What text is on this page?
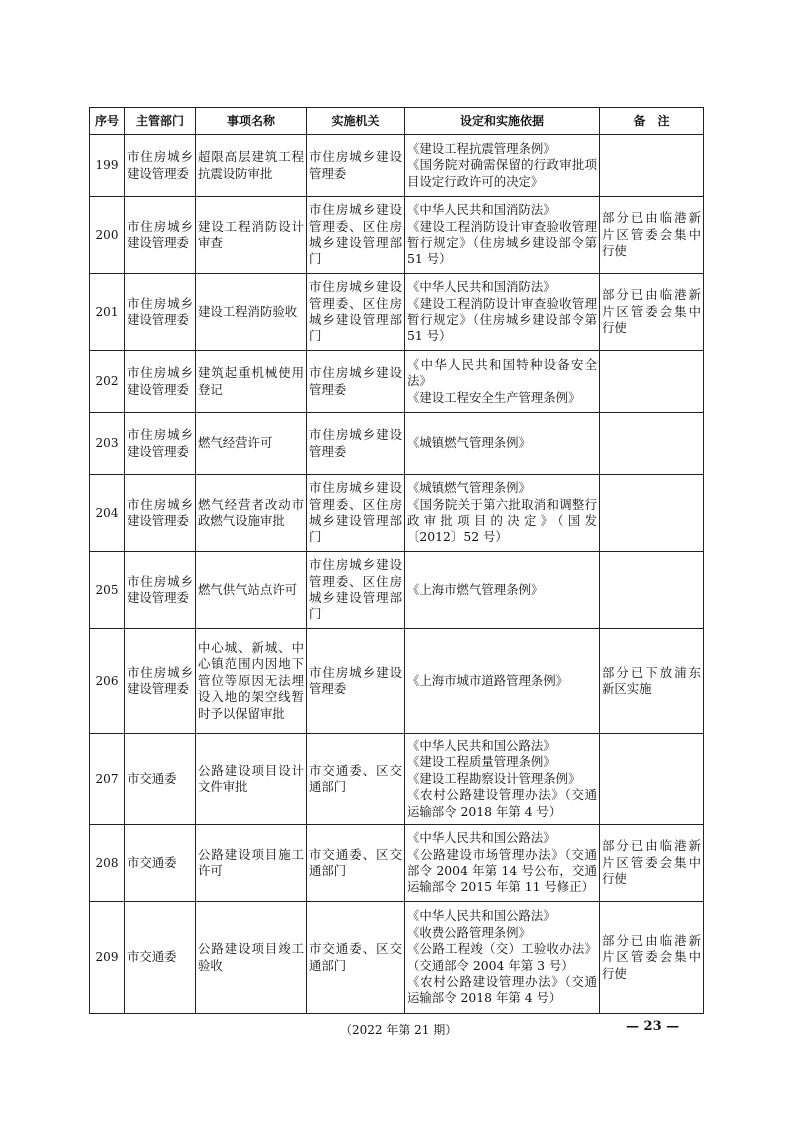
序号	主管部门	事项名称	实施机关	设定和实施依据	备　注
199	市住房城乡建设管理委	超限高层建筑工程抗震设防审批	市住房城乡建设管理委	《建设工程抗震管理条例》
《国务院对确需保留的行政审批项目设定行政许可的决定》	

200	市住房城乡建设管理委	建设工程消防设计审查	市住房城乡建设管理委、区住房城乡建设管理部门	《中华人民共和国消防法》
《建设工程消防设计审查验收管理暂行规定》（住房城乡建设部令第 51 号）	部分已由临港新片区管委会集中行使
201	市住房城乡建设管理委	建设工程消防验收	市住房城乡建设管理委、区住房城乡建设管理部门	《中华人民共和国消防法》
《建设工程消防设计审查验收管理暂行规定》（住房城乡建设部令第 51 号）	部分已由临港新片区管委会集中行使
202	市住房城乡建设管理委	建筑起重机械使用登记	市住房城乡建设管理委	《中华人民共和国特种设备安全法》
《建设工程安全生产管理条例》	

203	市住房城乡建设管理委	燃气经营许可	市住房城乡建设管理委	《城镇燃气管理条例》	

204	市住房城乡建设管理委	燃气经营者改动市政燃气设施审批	市住房城乡建设管理委、区住房城乡建设管理部门	《城镇燃气管理条例》
《国务院关于第六批取消和调整行政审批项目的决定》（国发〔2012〕52 号）	

205	市住房城乡建设管理委	燃气供气站点许可	市住房城乡建设管理委、区住房城乡建设管理部门	《上海市燃气管理条例》	

206	市住房城乡建设管理委	中心城、新城、中心镇范围内因地下管位等原因无法埋设入地的架空线暂时予以保留审批	市住房城乡建设管理委	《上海市城市道路管理条例》	部分已下放浦东新区实施
207	市交通委	公路建设项目设计文件审批	市交通委、区交通部门	《中华人民共和国公路法》
《建设工程质量管理条例》
《建设工程勘察设计管理条例》
《农村公路建设管理办法》（交通运输部令 2018 年第 4 号）	

208	市交通委	公路建设项目施工许可	市交通委、区交通部门	《中华人民共和国公路法》
《公路建设市场管理办法》（交通部令 2004 年第 14 号公布，交通运输部令 2015 年第 11 号修正）	部分已由临港新片区管委会集中行使
209	市交通委	公路建设项目竣工验收	市交通委、区交通部门	《中华人民共和国公路法》
《收费公路管理条例》
《公路工程竣（交）工验收办法》（交通部令 2004 年第 3 号）
《农村公路建设管理办法》（交通运输部令 2018 年第 4 号）	部分已由临港新片区管委会集中行使
（2022 年第 21 期）	— 23 —
